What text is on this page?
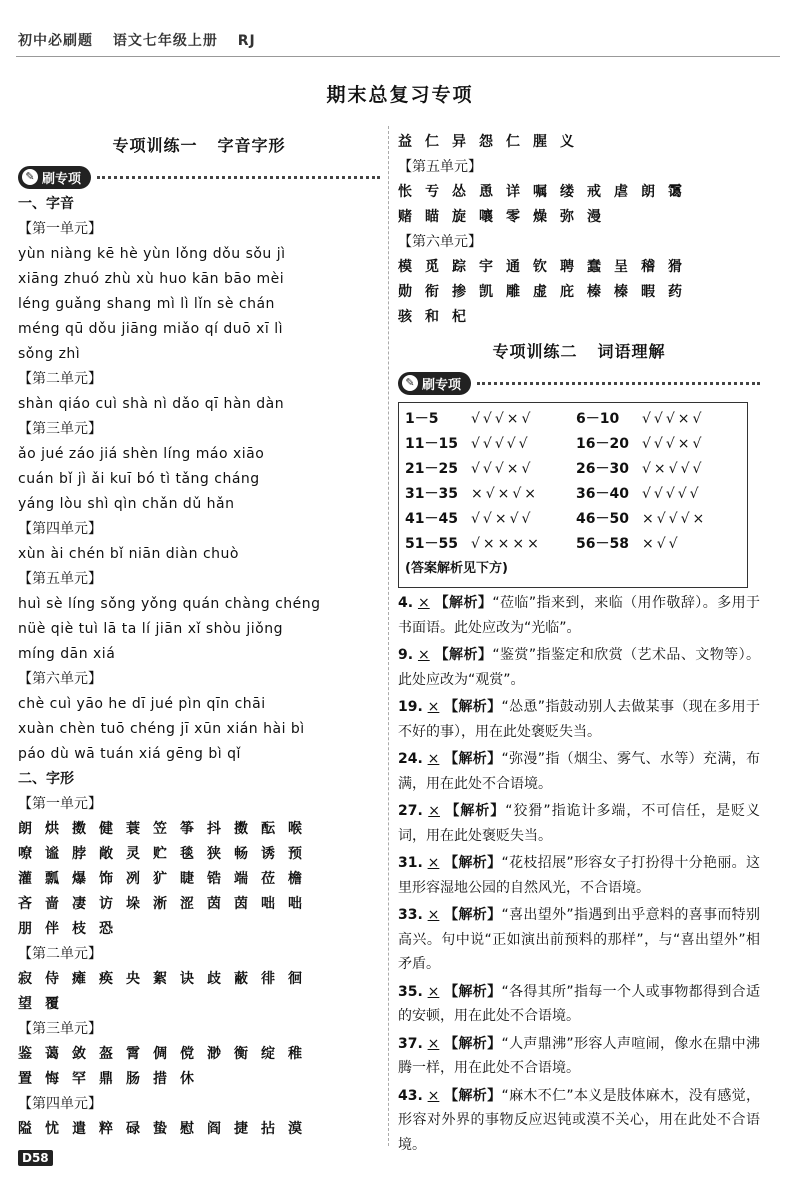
初中必刷题 语文七年级上册 RJ
期末总复习专项
专项训练一 字音字形
✎ 刷专项
一、字音
【第一单元】
yùn niàng kē hè yùn lǒng dǒu sǒu jì
xiāng zhuó zhù xù huo kān bāo mèi
léng guǎng shang mì lì lǐn sè chán
méng qū dǒu jiāng miǎo qí duō xī lì
sǒng zhì
【第二单元】
shàn qiáo cuì shà nì dǎo qī hàn dàn
【第三单元】
ǎo jué záo jiá shèn líng máo xiāo
cuán bǐ jì ǎi kuī bó tì tǎng cháng
yáng lòu shì qìn chǎn dǔ hǎn
【第四单元】
xùn ài chén bǐ niān diàn chuò
【第五单元】
huì sè líng sǒng yǒng quán chàng chéng
nüè qiè tuì lā ta lí jiān xǐ shòu jiǒng
míng dān xiá
【第六单元】
chè cuì yāo he dī jué pìn qīn chāi
xuàn chèn tuō chéng jī xūn xián hài bì
páo dù wā tuán xiá gēng bì qǐ
二、字形
【第一单元】
朗烘擞健蓑笠筝抖擞酝喉
嘹谧脖敞灵贮毯狭畅诱预
灌瓢爆饰冽犷睫锆端莅檐
吝啬凄访垛淅涩茵茵咄咄
朋伴枝恐
【第二单元】
寂侍瘫痪央絮诀歧蔽徘徊
望覆
【第三单元】
鉴蔼敛盔霄倜傥渺衡绽稚
置悔罕鼎肠措休
【第四单元】
隘忧遣粹碌蛰慰阎捷拈漠
益仁异怨仁腥义
【第五单元】
怅亐怂恿详嘱缕戒虐朗霭
赌瞄旋嚷零燥弥漫
【第六单元】
模觅踪宇通钦聘蠢呈稽猾
勋衔掺凯雕虚庇榛榛暇药
骇和杞
专项训练二 词语理解
✎ 刷专项
1－5	√√√×√	6－10	√√√×√
11－15 √√√√√	16－20 √√√×√
21－25 √√√×√	26－30 √×√√√
31－35 ×√×√×	36－40 √√√√√
41－45 √√×√√	46－50 ×√√√×
51－55 √×××× 56－58 ×√√
(答案解析见下方)
4. × 【解析】“莅临”指来到，来临（用作敬辞）。多用于书面语。此处应改为“光临”。
9. × 【解析】“鉴赏”指鉴定和欣赏（艺术品、文物等）。此处应改为“观赏”。
19. × 【解析】“怂恿”指鼓动别人去做某事（现在多用于不好的事），用在此处褒贬失当。
24. × 【解析】“弥漫”指（烟尘、雾气、水等）充满，布满，用在此处不合语境。
27. × 【解析】“狡猾”指诡计多端，不可信任，是贬义词，用在此处褒贬失当。
31. × 【解析】“花枝招展”形容女子打扮得十分艳丽。这里形容湿地公园的自然风光，不合语境。
33. × 【解析】“喜出望外”指遇到出乎意料的喜事而特别高兴。句中说“正如演出前预料的那样”，与“喜出望外”相矛盾。
35. × 【解析】“各得其所”指每一个人或事物都得到合适的安顿，用在此处不合语境。
37. × 【解析】“人声鼎沸”形容人声喧闹，像水在鼎中沸腾一样，用在此处不合语境。
43. × 【解析】“麻木不仁”本义是肢体麻木，没有感觉，形容对外界的事物反应迟钝或漠不关心，用在此处不合语境。
D58
